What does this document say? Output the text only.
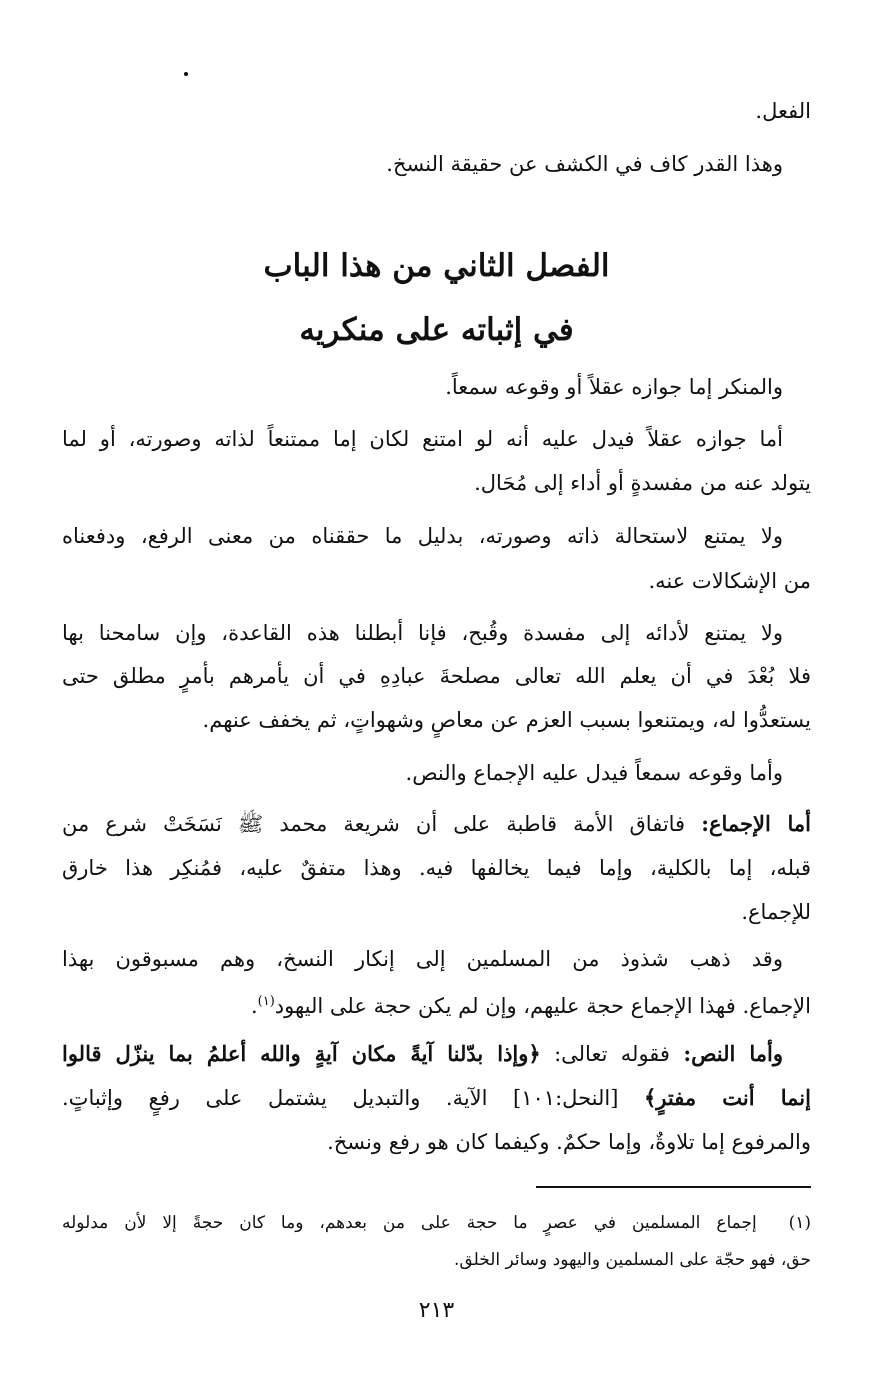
الفعل.
وهذا القدر كاف في الكشف عن حقيقة النسخ.
الفصل الثاني من هذا الباب
في إثباته على منكريه
والمنكر إما جوازه عقلاً أو وقوعه سمعاً.
أما جوازه عقلاً فيدل عليه أنه لو امتنع لكان إما ممتنعاً لذاته وصورته، أو لما
يتولد عنه من مفسدةٍ أو أداء إلى مُحَال.
ولا يمتنع لاستحالة ذاته وصورته، بدليل ما حققناه من معنى الرفع، ودفعناه
من الإشكالات عنه.
ولا يمتنع لأدائه إلى مفسدة وقُبح، فإنا أبطلنا هذه القاعدة، وإن سامحنا بها
فلا بُعْدَ في أن يعلم الله تعالى مصلحةَ عبادِهِ في أن يأمرهم بأمرٍ مطلق حتى
يستعدُّوا له، ويمتنعوا بسبب العزم عن معاصٍ وشهواتٍ، ثم يخفف عنهم.
وأما وقوعه سمعاً فيدل عليه الإجماع والنص.
أما الإجماع: فاتفاق الأمة قاطبة على أن شريعة محمد ﷺ نَسَخَتْ شرع من
قبله، إما بالكلية، وإما فيما يخالفها فيه. وهذا متفقٌ عليه، فمُنكِر هذا خارق
للإجماع.
وقد ذهب شذوذ من المسلمين إلى إنكار النسخ، وهم مسبوقون بهذا
الإجماع. فهذا الإجماع حجة عليهم، وإن لم يكن حجة على اليهود$^{(١)}$.
وأما النص: فقوله تعالى: ﴿وإذا بدّلنا آيةً مكان آيةٍ والله أعلمُ بما ينزّل قالوا
إنما أنت مفترٍ﴾ [النحل:١٠١] الآية. والتبديل يشتمل على رفعٍ وإثباتٍ.
والمرفوع إما تلاوةٌ، وإما حكمٌ. وكيفما كان هو رفع ونسخ.
(١)  إجماع المسلمين في عصرٍ ما حجة على من بعدهم، وما كان حجةً إلا لأن مدلوله
حق، فهو حجّة على المسلمين واليهود وسائر الخلق.
٢١٣
